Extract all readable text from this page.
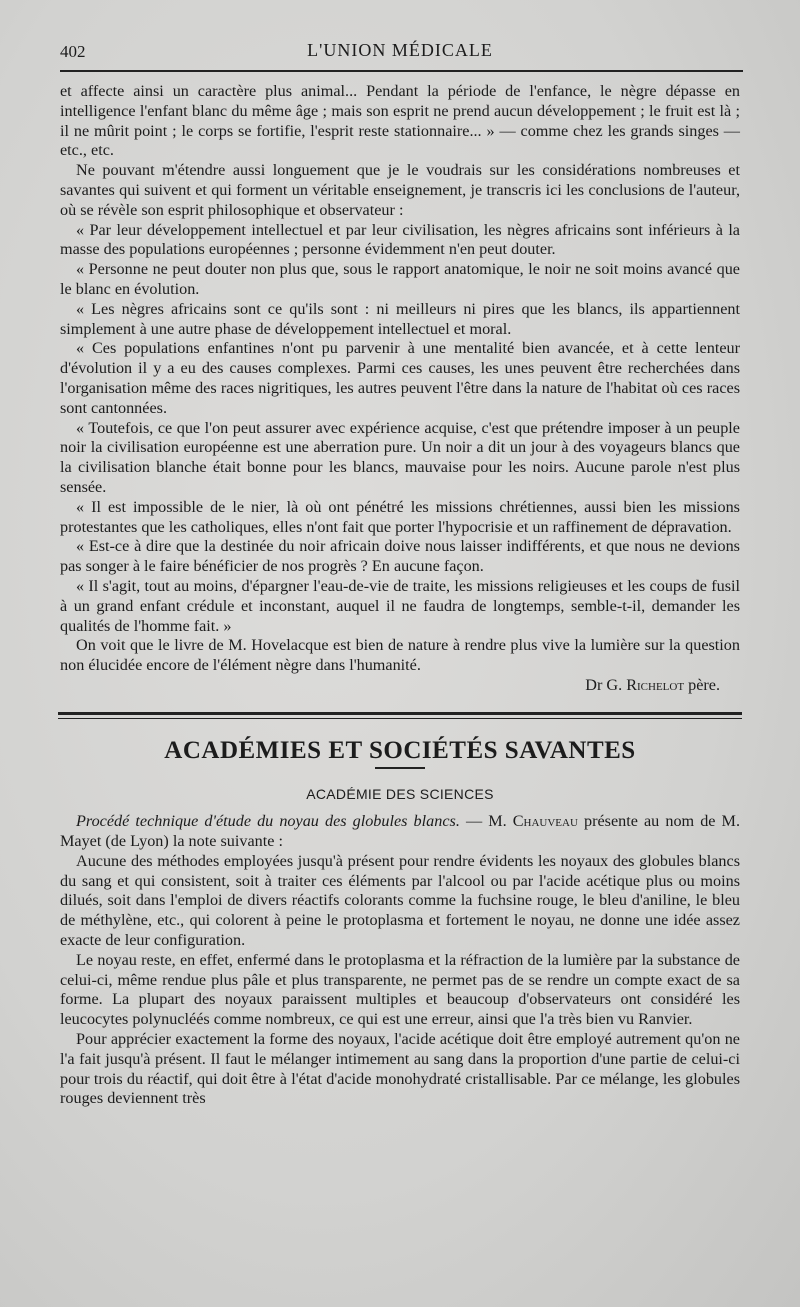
402	L'UNION MÉDICALE

et affecte ainsi un caractère plus animal... Pendant la période de l'enfance, le nègre dépasse en intelligence l'enfant blanc du même âge ; mais son esprit ne prend aucun développement ; le fruit est là ; il ne mûrit point ; le corps se fortifie, l'esprit reste stationnaire... » — comme chez les grands singes — etc., etc.

Ne pouvant m'étendre aussi longuement que je le voudrais sur les considérations nombreuses et savantes qui suivent et qui forment un véritable enseignement, je transcris ici les conclusions de l'auteur, où se révèle son esprit philosophique et observateur :

« Par leur développement intellectuel et par leur civilisation, les nègres africains sont inférieurs à la masse des populations européennes ; personne évidemment n'en peut douter.

« Personne ne peut douter non plus que, sous le rapport anatomique, le noir ne soit moins avancé que le blanc en évolution.

« Les nègres africains sont ce qu'ils sont : ni meilleurs ni pires que les blancs, ils appartiennent simplement à une autre phase de développement intellectuel et moral.

« Ces populations enfantines n'ont pu parvenir à une mentalité bien avancée, et à cette lenteur d'évolution il y a eu des causes complexes. Parmi ces causes, les unes peuvent être recherchées dans l'organisation même des races nigritiques, les autres peuvent l'être dans la nature de l'habitat où ces races sont cantonnées.

« Toutefois, ce que l'on peut assurer avec expérience acquise, c'est que prétendre imposer à un peuple noir la civilisation européenne est une aberration pure. Un noir a dit un jour à des voyageurs blancs que la civilisation blanche était bonne pour les blancs, mauvaise pour les noirs. Aucune parole n'est plus sensée.

« Il est impossible de le nier, là où ont pénétré les missions chrétiennes, aussi bien les missions protestantes que les catholiques, elles n'ont fait que porter l'hypocrisie et un raffinement de dépravation.

« Est-ce à dire que la destinée du noir africain doive nous laisser indifférents, et que nous ne devions pas songer à le faire bénéficier de nos progrès ? En aucune façon.

« Il s'agit, tout au moins, d'épargner l'eau-de-vie de traite, les missions religieuses et les coups de fusil à un grand enfant crédule et inconstant, auquel il ne faudra de longtemps, semble-t-il, demander les qualités de l'homme fait. »

On voit que le livre de M. Hovelacque est bien de nature à rendre plus vive la lumière sur la question non élucidée encore de l'élément nègre dans l'humanité.

Dr G. Richelot père.

ACADÉMIES ET SOCIÉTÉS SAVANTES
ACADÉMIE DES SCIENCES

Procédé technique d'étude du noyau des globules blancs. — M. Chauveau présente au nom de M. Mayet (de Lyon) la note suivante :

Aucune des méthodes employées jusqu'à présent pour rendre évidents les noyaux des globules blancs du sang et qui consistent, soit à traiter ces éléments par l'alcool ou par l'acide acétique plus ou moins dilués, soit dans l'emploi de divers réactifs colorants comme la fuchsine rouge, le bleu d'aniline, le bleu de méthylène, etc., qui colorent à peine le protoplasma et fortement le noyau, ne donne une idée assez exacte de leur configuration.

Le noyau reste, en effet, enfermé dans le protoplasma et la réfraction de la lumière par la substance de celui-ci, même rendue plus pâle et plus transparente, ne permet pas de se rendre un compte exact de sa forme. La plupart des noyaux paraissent multiples et beaucoup d'observateurs ont considéré les leucocytes polynucléés comme nombreux, ce qui est une erreur, ainsi que l'a très bien vu Ranvier.

Pour apprécier exactement la forme des noyaux, l'acide acétique doit être employé autrement qu'on ne l'a fait jusqu'à présent. Il faut le mélanger intimement au sang dans la proportion d'une partie de celui-ci pour trois du réactif, qui doit être à l'état d'acide monohydraté cristallisable. Par ce mélange, les globules rouges deviennent très
